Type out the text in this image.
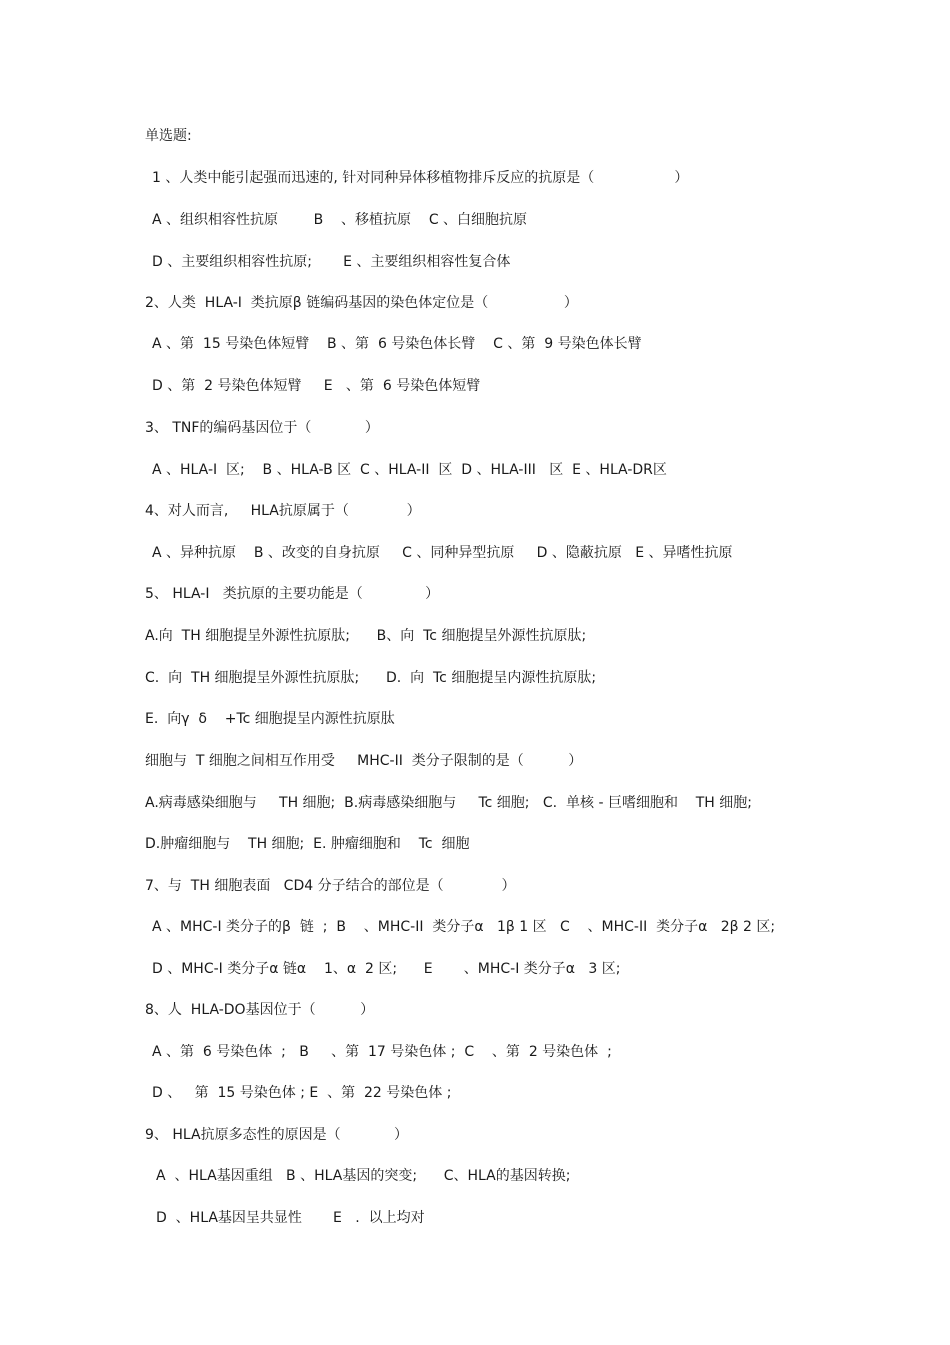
单选题:
1 、人类中能引起强而迅速的, 针对同种异体移植物排斥反应的抗原是（                  ）
A 、组织相容性抗原        B    、移植抗原    C 、白细胞抗原
D 、主要组织相容性抗原;       E 、主要组织相容性复合体
2、人类  HLA-I  类抗原β 链编码基因的染色体定位是（                 ）
A 、第  15 号染色体短臂    B 、第  6 号染色体长臂    C 、第  9 号染色体长臂
D 、第  2 号染色体短臂     E   、第  6 号染色体短臂
3、 TNF的编码基因位于（            ）
A 、HLA-I  区;    B 、HLA-B 区  C 、HLA-II  区  D 、HLA-III   区  E 、HLA-DR区
4、对人而言,     HLA抗原属于（             ）
A 、异种抗原    B 、改变的自身抗原     C 、同种异型抗原     D 、隐蔽抗原   E 、异嗜性抗原
5、 HLA-I   类抗原的主要功能是（              ）
A.向  TH 细胞提呈外源性抗原肽;      B、向  Tc 细胞提呈外源性抗原肽;
C.  向  TH 细胞提呈外源性抗原肽;      D.  向  Tc 细胞提呈内源性抗原肽;
E.  向γ  δ    +Tc 细胞提呈内源性抗原肽
细胞与  T 细胞之间相互作用受     MHC-II  类分子限制的是（          ）
A.病毒感染细胞与     TH 细胞;  B.病毒感染细胞与     Tc 细胞;   C.  单核 - 巨嗜细胞和    TH 细胞;
D.肿瘤细胞与    TH 细胞;  E. 肿瘤细胞和    Tc  细胞
7、与  TH 细胞表面   CD4 分子结合的部位是（             ）
A 、MHC-I 类分子的β  链  ;  B    、MHC-II  类分子α   1β 1 区   C    、MHC-II  类分子α   2β 2 区;
D 、MHC-I 类分子α 链α    1、α  2 区;      E       、MHC-I 类分子α   3 区;
8、人  HLA-DO基因位于（          ）
A 、第  6 号染色体  ;   B     、第  17 号染色体 ;  C    、第  2 号染色体  ;
D 、   第  15 号染色体 ; E  、第  22 号染色体 ;
9、 HLA抗原多态性的原因是（            ）
A  、HLA基因重组   B 、HLA基因的突变;      C、HLA的基因转换;
D  、HLA基因呈共显性       E   .  以上均对
